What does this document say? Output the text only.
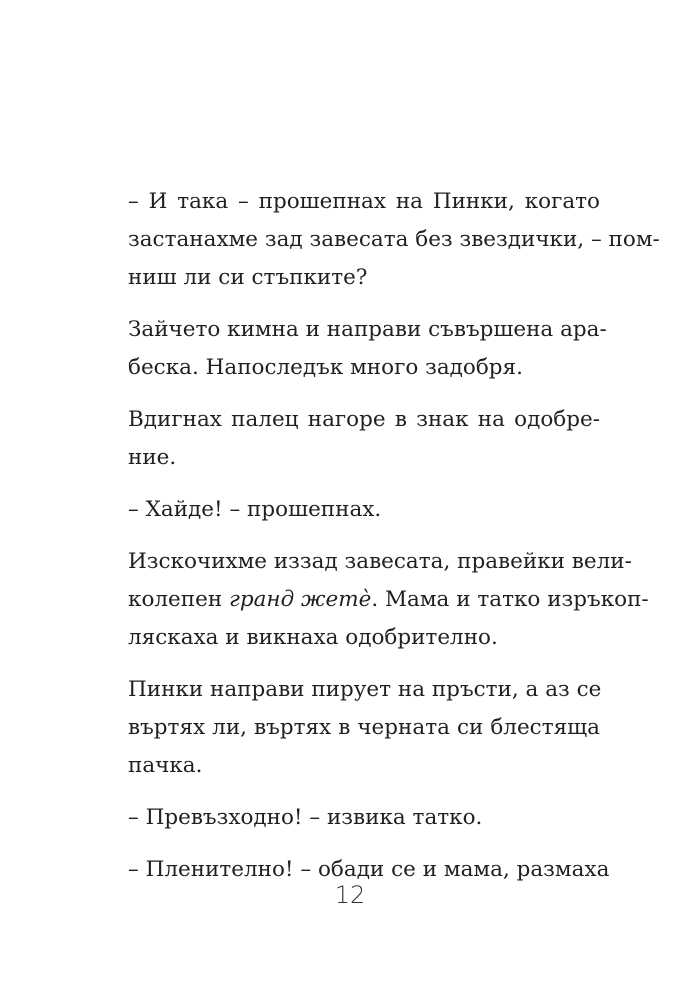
– И така – прошепнах на Пинки, когато
застанахме зад завесата без звездички, – пом-
ниш ли си стъпките?
Зайчето кимна и направи съвършена ара-
беска. Напоследък много задобря.
Вдигнах палец нагоре в знак на одобре-
ние.
– Хайде! – прошепнах.
Изскочихме иззад завесата, правейки вели-
колепен гранд жетѐ. Мама и татко изръкоп-
ляскаха и викнаха одобрително.
Пинки направи пирует на пръсти, а аз се
въртях ли, въртях в черната си блестяща
пачка.
– Превъзходно! – извика татко.
– Пленително! – обади се и мама, размаха
12
